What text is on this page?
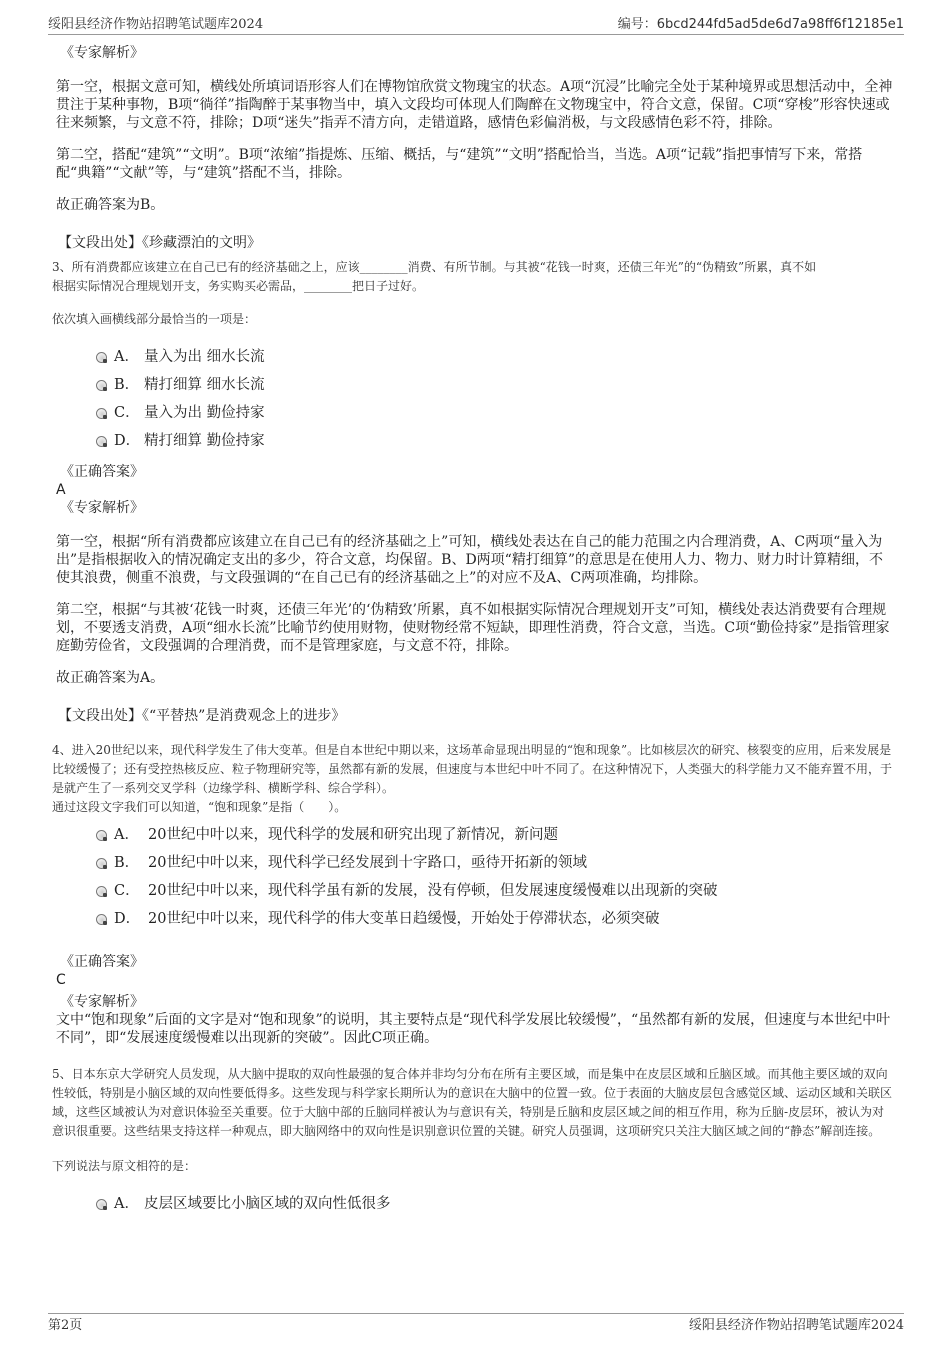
绥阳县经济作物站招聘笔试题库2024	编号：6bcd244fd5ad5de6d7a98ff6f12185e1

《专家解析》

第一空，根据文意可知，横线处所填词语形容人们在博物馆欣赏文物瑰宝的状态。A项“沉浸”比喻完全处于某种境界或思想活动中，全神贯注于某种事物，B项“徜徉”指陶醉于某事物当中，填入文段均可体现人们陶醉在文物瑰宝中，符合文意，保留。C项“穿梭”形容快速或往来频繁，与文意不符，排除；D项“迷失”指弄不清方向，走错道路，感情色彩偏消极，与文段感情色彩不符，排除。

第二空，搭配“建筑”“文明”。B项“浓缩”指提炼、压缩、概括，与“建筑”“文明”搭配恰当，当选。A项“记载”指把事情写下来，常搭配“典籍”“文献”等，与“建筑”搭配不当，排除。

故正确答案为B。

【文段出处】《珍藏漂泊的文明》

3、所有消费都应该建立在自己已有的经济基础之上，应该________消费、有所节制。与其被“花钱一时爽，还债三年光”的“伪精致”所累，真不如

根据实际情况合理规划开支，务实购买必需品，________把日子过好。

依次填入画横线部分最恰当的一项是：

A． 量入为出 细水长流
B． 精打细算 细水长流
C． 量入为出 勤俭持家
D． 精打细算 勤俭持家

《正确答案》

A

《专家解析》

第一空，根据“所有消费都应该建立在自己已有的经济基础之上”可知，横线处表达在自己的能力范围之内合理消费，A、C两项“量入为出”是指根据收入的情况确定支出的多少，符合文意，均保留。B、D两项“精打细算”的意思是在使用人力、物力、财力时计算精细，不使其浪费，侧重不浪费，与文段强调的“在自己已有的经济基础之上”的对应不及A、C两项准确，均排除。

第二空，根据“与其被‘花钱一时爽，还债三年光’的‘伪精致’所累，真不如根据实际情况合理规划开支”可知，横线处表达消费要有合理规划，不要透支消费，A项“细水长流”比喻节约使用财物，使财物经常不短缺，即理性消费，符合文意，当选。C项“勤俭持家”是指管理家庭勤劳俭省，文段强调的合理消费，而不是管理家庭，与文意不符，排除。

故正确答案为A。

【文段出处】《“平替热”是消费观念上的进步》

4、进入20世纪以来，现代科学发生了伟大变革。但是自本世纪中期以来，这场革命显现出明显的“饱和现象”。比如核层次的研究、核裂变的应用，后来发展是比较缓慢了；还有受控热核反应、粒子物理研究等，虽然都有新的发展，但速度与本世纪中叶不同了。在这种情况下，人类强大的科学能力又不能弃置不用，于是就产生了一系列交叉学科（边缘学科、横断学科、综合学科）。

通过这段文字我们可以知道，“饱和现象”是指（　　）。

A． 20世纪中叶以来，现代科学的发展和研究出现了新情况，新问题
B． 20世纪中叶以来，现代科学已经发展到十字路口，亟待开拓新的领域
C． 20世纪中叶以来，现代科学虽有新的发展，没有停顿，但发展速度缓慢难以出现新的突破
D． 20世纪中叶以来，现代科学的伟大变革日趋缓慢，开始处于停滞状态，必须突破

《正确答案》

C

《专家解析》

文中“饱和现象”后面的文字是对“饱和现象”的说明，其主要特点是“现代科学发展比较缓慢”，“虽然都有新的发展，但速度与本世纪中叶不同”，即“发展速度缓慢难以出现新的突破”。因此C项正确。

5、日本东京大学研究人员发现，从大脑中提取的双向性最强的复合体并非均匀分布在所有主要区域，而是集中在皮层区域和丘脑区域。而其他主要区域的双向性较低，特别是小脑区域的双向性要低得多。这些发现与科学家长期所认为的意识在大脑中的位置一致。位于表面的大脑皮层包含感觉区域、运动区域和关联区域，这些区域被认为对意识体验至关重要。位于大脑中部的丘脑同样被认为与意识有关，特别是丘脑和皮层区域之间的相互作用，称为丘脑-皮层环，被认为对意识很重要。这些结果支持这样一种观点，即大脑网络中的双向性是识别意识位置的关键。研究人员强调，这项研究只关注大脑区域之间的“静态”解剖连接。

下列说法与原文相符的是：

A． 皮层区域要比小脑区域的双向性低很多
第2页	绥阳县经济作物站招聘笔试题库2024
